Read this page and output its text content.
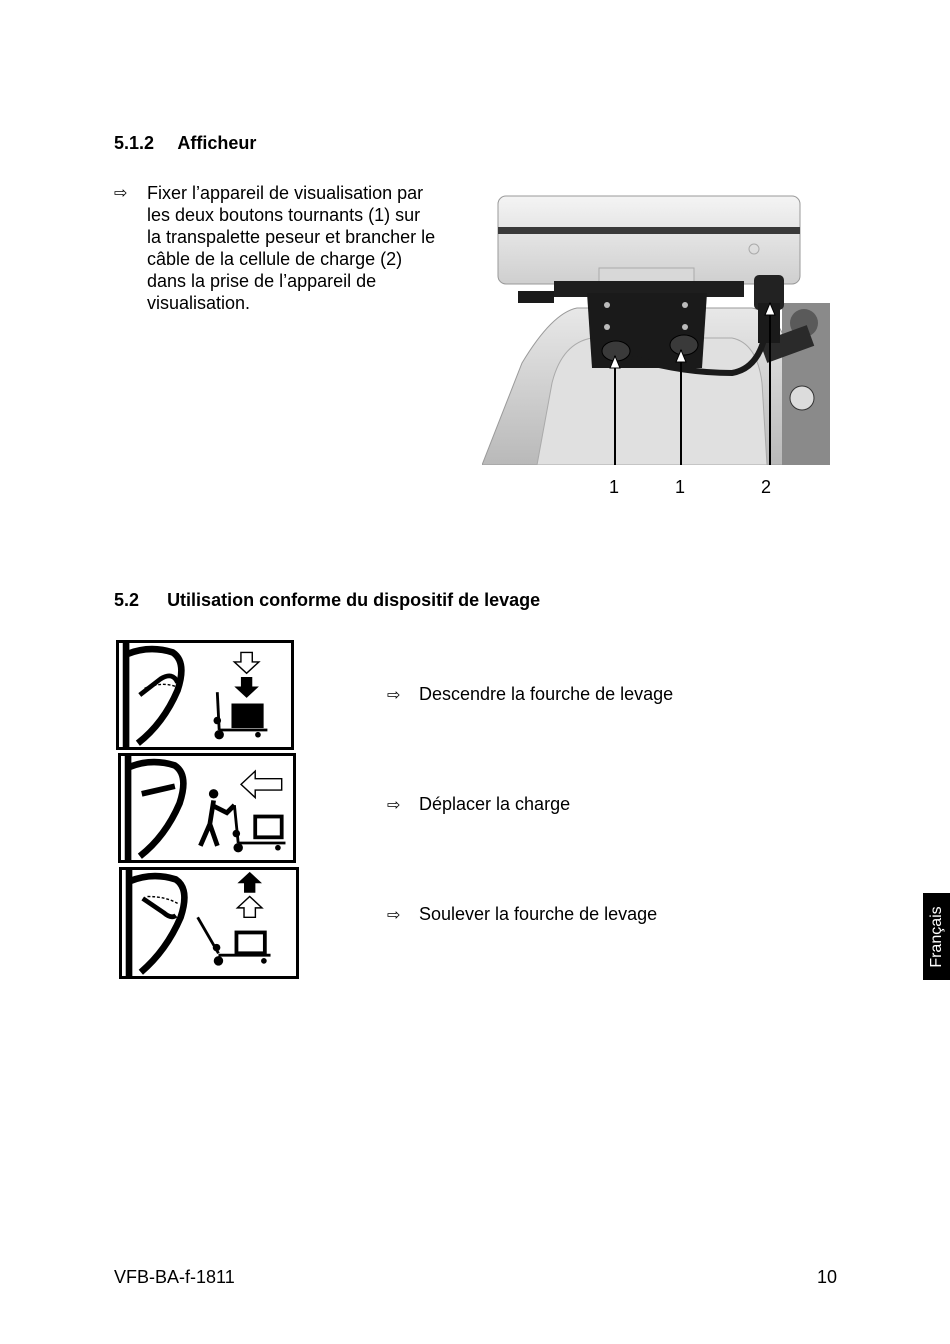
5.1.2 Afficheur
⇨ Fixer l’appareil de visualisation par
les deux boutons tournants (1) sur
la transpalette peseur et brancher le
câble de la cellule de charge (2)
dans la prise de l’appareil de
visualisation.
1	1	2
5.2 Utilisation conforme du dispositif de levage
⇨ Descendre la fourche de levage
⇨ Déplacer la charge
⇨ Soulever la fourche de levage	Français
VFB-BA-f-1811	10
